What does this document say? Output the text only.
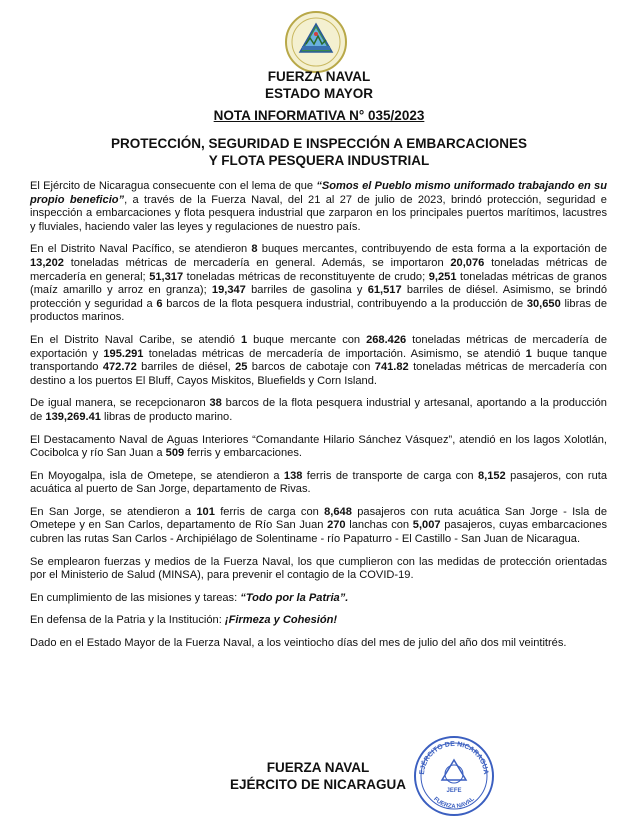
FUERZA NAVAL
ESTADO MAYOR
NOTA INFORMATIVA N° 035/2023
PROTECCIÓN, SEGURIDAD E INSPECCIÓN A EMBARCACIONES
Y FLOTA PESQUERA INDUSTRIAL

El Ejército de Nicaragua consecuente con el lema de que “Somos el Pueblo mismo uniformado trabajando en su propio beneficio”, a través de la Fuerza Naval, del 21 al 27 de julio de 2023, brindó protección, seguridad e inspección a embarcaciones y flota pesquera industrial que zarparon en los principales puertos marítimos, lacustres y fluviales, haciendo valer las leyes y regulaciones de nuestro país.

En el Distrito Naval Pacífico, se atendieron 8 buques mercantes, contribuyendo de esta forma a la exportación de 13,202 toneladas métricas de mercadería en general. Además, se importaron 20,076 toneladas métricas de mercadería en general; 51,317 toneladas métricas de reconstituyente de crudo; 9,251 toneladas métricas de granos (maíz amarillo y arroz en granza); 19,347 barriles de gasolina y 61,517 barriles de diésel. Asimismo, se brindó protección y seguridad a 6 barcos de la flota pesquera industrial, contribuyendo a la producción de 30,650 libras de productos marinos.

En el Distrito Naval Caribe, se atendió 1 buque mercante con 268.426 toneladas métricas de mercadería de exportación y 195.291 toneladas métricas de mercadería de importación. Asimismo, se atendió 1 buque tanque transportando 472.72 barriles de diésel, 25 barcos de cabotaje con 741.82 toneladas métricas de mercadería con destino a los puertos El Bluff, Cayos Miskitos, Bluefields y Corn Island.

De igual manera, se recepcionaron 38 barcos de la flota pesquera industrial y artesanal, aportando a la producción de 139,269.41 libras de producto marino.

El Destacamento Naval de Aguas Interiores “Comandante Hilario Sánchez Vásquez”, atendió en los lagos Xolotlán, Cocibolca y río San Juan a 509 ferris y embarcaciones.

En Moyogalpa, isla de Ometepe, se atendieron a 138 ferris de transporte de carga con 8,152 pasajeros, con ruta acuática al puerto de San Jorge, departamento de Rivas.

En San Jorge, se atendieron a 101 ferris de carga con 8,648 pasajeros con ruta acuática San Jorge - Isla de Ometepe y en San Carlos, departamento de Río San Juan 270 lanchas con 5,007 pasajeros, cuyas embarcaciones cubren las rutas San Carlos - Archipiélago de Solentiname - río Papaturro - El Castillo - San Juan de Nicaragua.

Se emplearon fuerzas y medios de la Fuerza Naval, los que cumplieron con las medidas de protección orientadas por el Ministerio de Salud (MINSA), para prevenir el contagio de la COVID-19.

En cumplimiento de las misiones y tareas: “Todo por la Patria”.

En defensa de la Patria y la Institución: ¡Firmeza y Cohesión!

Dado en el Estado Mayor de la Fuerza Naval, a los veintiocho días del mes de julio del año dos mil veintitrés.

FUERZA NAVAL
EJÉRCITO DE NICARAGUA
EJÉRCITO DE NICARAGUA
JEFE
FUERZA NAVAL
